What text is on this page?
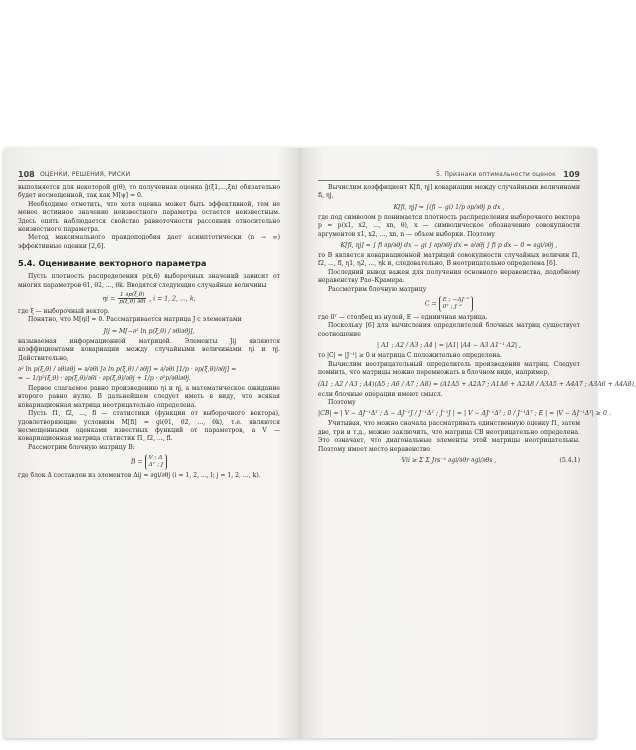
108 ОЦЕНКИ, РЕШЕНИЯ, РИСКИ

выполняется для некоторой g(θ), то полученная оценка ĝ(ξ1,...,ξn) обязательно будет несмещенной, так как M[ψ] = 0.

Необходимо отметить, что хотя оценка может быть эффективной, тем не менее истинное значение неизвестного параметра остается неизвестным. Здесь опять наблюдается свойство равноточности рассеяния относительно неизвестного параметра.

Метод максимального правдоподобия дает асимптотически (n → ∞) эффективные оценки [2,6].

5.4. Оценивание векторного параметра

Пусть плотность распределения p(x,θ) выборочных значений зависит от многих параметров θ1, θ2, ..., θk. Вводятся следующие случайные величины

$\eta i = \frac{1 \partial p(\xi,\theta)}{p(\xi,\theta) \partial\theta i}$ , i = 1, 2, ..., k,

где ξ — выборочный вектор.

Понятно, что M[ηi] = 0. Рассматривается матрица J с элементами

Jij = M[−∂² ln p(ξ,θ) / ∂θi∂θj],

называемая информационной матрицей. Элементы Jij являются коэффициентами ковариации между случайными величинами ηi и ηj. Действительно,

∂² ln p(ξ,θ) / ∂θi∂θj = ∂/∂θi [∂ ln p(ξ,θ) / ∂θj] = ∂/∂θi [1/p · ∂p(ξ,θ)/∂θj] =
= − 1/p²(ξ,θ) · ∂p(ξ,θ)/∂θi · ∂p(ξ,θ)/∂θj + 1/p · ∂²p/∂θi∂θj.

Первое слагаемое равно произведению ηi и ηj, а математическое ожидание второго равно нулю. В дальнейшем следует иметь в виду, что всякая ковариационная матрица неотрицательно определена.

Пусть f1, f2, ..., fl — статистики (функции от выборочного вектора), удовлетворяющие условиям M[fi] = gi(θ1, θ2, ..., θk), т.е. являются несмещенными оценками известных функций от параметров, а V — ковариационная матрица статистик f1, f2, ..., fl.

Рассмотрим блочную матрицу B:

B =
V ; Δ
Δᵀ ; J

где блок Δ составлен из элементов Δij = ∂gi/∂θj (i = 1, 2, ..., l; j = 1, 2, ..., k).

5. Признаки оптимальности оценок 109

Вычислим коэффициент K[fi, ηj] ковариации между случайными величинами fi, ηj,

K[fi, ηj] = ∫(fi − gi) 1/p ∂p/∂θj p dx ,

где под символом p понимается плотность распределения выборочного вектора p = p(x1, x2, ..., xn, θ), x — символическое обозначение совокупности аргументов x1, x2, ..., xn, n — объем выборки. Поэтому

K[fi, ηj] = ∫ fi ∂p/∂θj dx − gi ∫ ∂p/∂θj dx = ∂/∂θj ∫ fi p dx − 0 = ∂gi/∂θj ,

то B является ковариационной матрицей совокупности случайных величин f1, f2, ..., fl, η1, η2, ..., ηk и, следовательно, B неотрицательно определена [6].

Последний вывод важен для получения основного неравенства, подобному неравенству Рао–Крамера.

Рассмотрим блочную матрицу

C =
E ; −ΔJ⁻¹
0ᵀ ; J⁻¹

где 0ᵀ — столбец из нулей, E — единичная матрица.

Поскольку [6] для вычисления определителей блочных матриц существует соотношение

| A1 ; A2 / A3 ; A4 | = |A1| |A4 − A3 A1⁻¹ A2| ,

то |C| = |J⁻¹| ≥ 0 и матрица C положительно определена.

Вычислим неотрицательный определитель произведения матриц. Следует помнить, что матрицы можно перемножать в блочном виде, например,

(A1 ; A2 / A3 ; A4)(A5 ; A6 / A7 ; A8) = (A1A5 + A2A7 ; A1A6 + A2A8 / A3A5 + A4A7 ; A3A6 + A4A8),

если блочные операции имеют смысл.

Поэтому

|CB| = | V − ΔJ⁻¹Δᵀ ; Δ − ΔJ⁻¹J / J⁻¹Δᵀ ; J⁻¹J | = | V − ΔJ⁻¹Δᵀ ; 0 / J⁻¹Δᵀ ; E | = |V − ΔJ⁻¹Δᵀ| ≥ 0 .

Учитывая, что можно сначала рассматривать единственную оценку f1, затем две, три и т.д., можно заключить, что матрица CB неотрицательно определена. Это означает, что диагональные элементы этой матрицы неотрицательны. Поэтому имеет место неравенство

Vii ≥ Σ Σ Jrs⁻¹ ∂gi/∂θr ∂gi/∂θs ,	(5.4.1)
